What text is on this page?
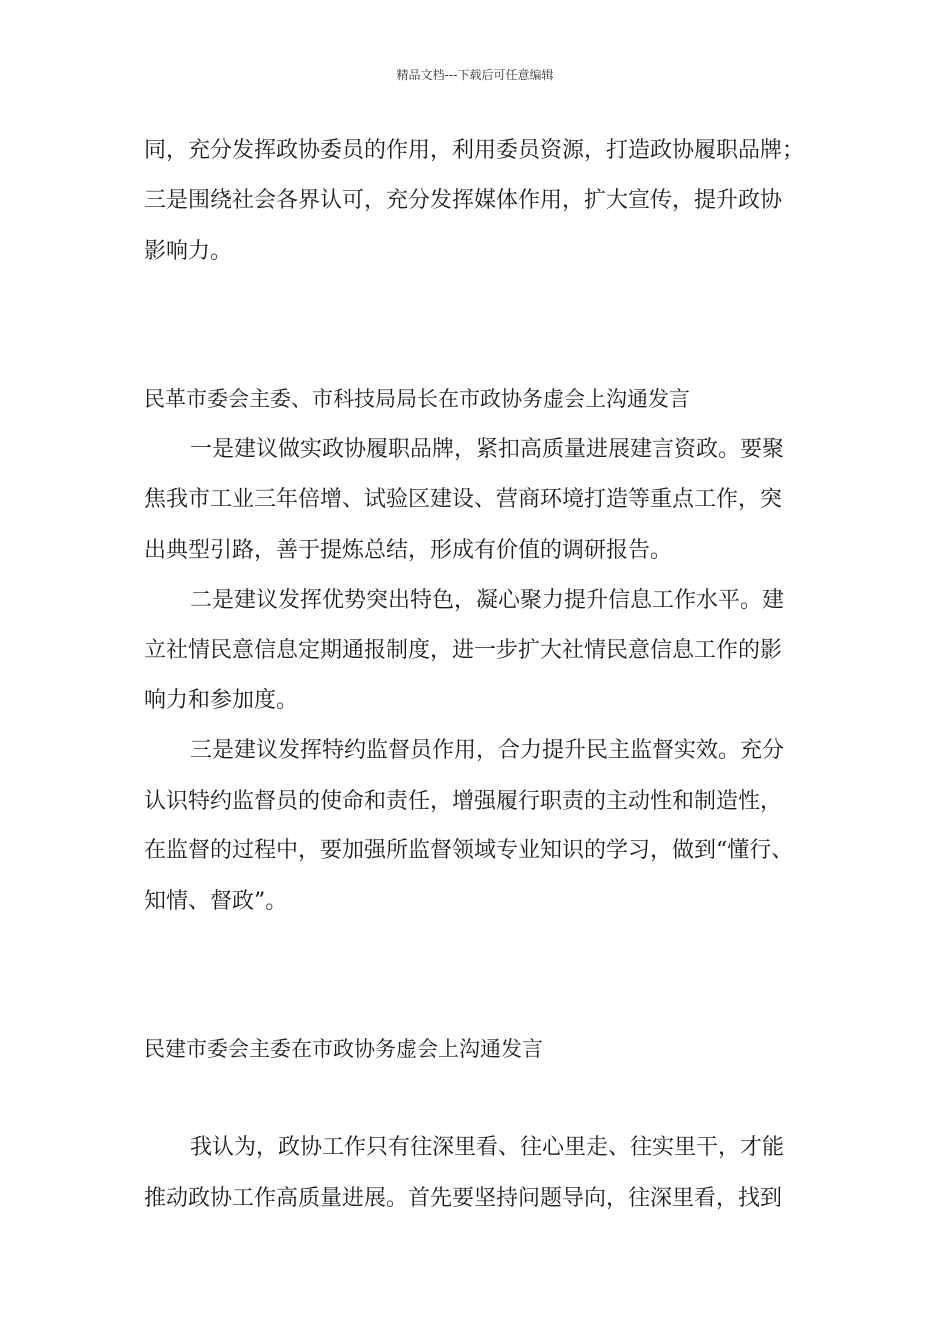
精品文档---下载后可任意编辑
同，充分发挥政协委员的作用，利用委员资源，打造政协履职品牌；
三是围绕社会各界认可，充分发挥媒体作用，扩大宣传，提升政协
影响力。
民革市委会主委、市科技局局长在市政协务虚会上沟通发言
一是建议做实政协履职品牌，紧扣高质量进展建言资政。要聚
焦我市工业三年倍增、试验区建设、营商环境打造等重点工作，突
出典型引路，善于提炼总结，形成有价值的调研报告。
二是建议发挥优势突出特色，凝心聚力提升信息工作水平。建
立社情民意信息定期通报制度，进一步扩大社情民意信息工作的影
响力和参加度。
三是建议发挥特约监督员作用，合力提升民主监督实效。充分
认识特约监督员的使命和责任，增强履行职责的主动性和制造性，
在监督的过程中，要加强所监督领域专业知识的学习，做到“懂行、
知情、督政”。
民建市委会主委在市政协务虚会上沟通发言
我认为，政协工作只有往深里看、往心里走、往实里干，才能
推动政协工作高质量进展。首先要坚持问题导向，往深里看，找到
